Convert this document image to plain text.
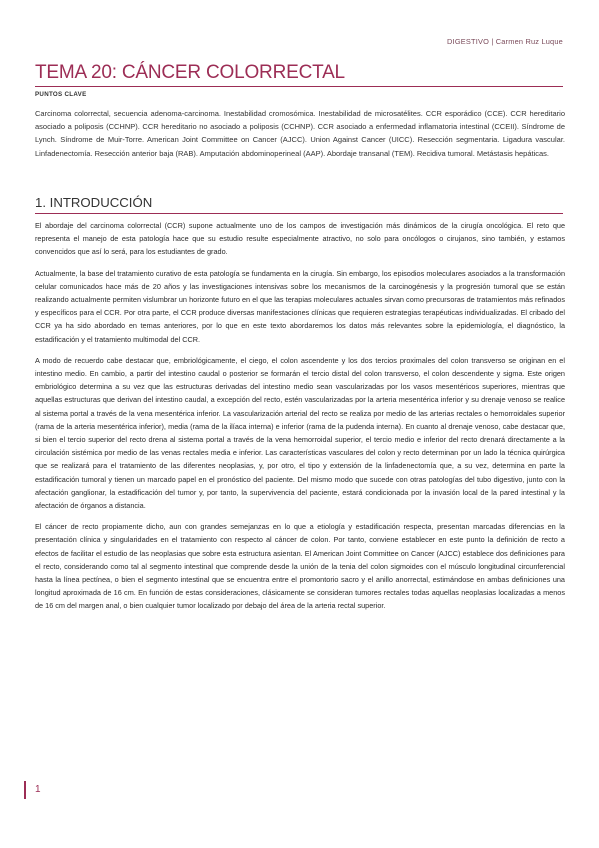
DIGESTIVO | Carmen Ruz Luque
TEMA 20: CÁNCER COLORRECTAL
PUNTOS CLAVE

Carcinoma colorrectal, secuencia adenoma-carcinoma. Inestabilidad cromosómica. Inestabilidad de microsatélites. CCR esporádico (CCE). CCR hereditario asociado a poliposis (CCHNP). CCR hereditario no asociado a poliposis (CCHNP). CCR asociado a enfermedad inflamatoria intestinal (CCEII). Síndrome de Lynch. Síndrome de Muir-Torre. American Joint Committee on Cancer (AJCC). Union Against Cancer (UICC). Resección segmentaria. Ligadura vascular. Linfadenectomía. Resección anterior baja (RAB). Amputación abdominoperineal (AAP). Abordaje transanal (TEM). Recidiva tumoral. Metástasis hepáticas.

1. INTRODUCCIÓN

El abordaje del carcinoma colorrectal (CCR) supone actualmente uno de los campos de investigación más dinámicos de la cirugía oncológica. El reto que representa el manejo de esta patología hace que su estudio resulte especialmente atractivo, no solo para oncólogos o cirujanos, sino también, y estamos convencidos que así lo será, para los estudiantes de grado.

Actualmente, la base del tratamiento curativo de esta patología se fundamenta en la cirugía. Sin embargo, los episodios moleculares asociados a la transformación celular comunicados hace más de 20 años y las investigaciones intensivas sobre los mecanismos de la carcinogénesis y la progresión tumoral que se están realizando actualmente permiten vislumbrar un horizonte futuro en el que las terapias moleculares actuales sirvan como precursoras de tratamientos más refinados y específicos para el CCR. Por otra parte, el CCR produce diversas manifestaciones clínicas que requieren estrategias terapéuticas individualizadas. El cribado del CCR ya ha sido abordado en temas anteriores, por lo que en este texto abordaremos los datos más relevantes sobre la epidemiología, el diagnóstico, la estadificación y el tratamiento multimodal del CCR.

A modo de recuerdo cabe destacar que, embriológicamente, el ciego, el colon ascendente y los dos tercios proximales del colon transverso se originan en el intestino medio. En cambio, a partir del intestino caudal o posterior se formarán el tercio distal del colon transverso, el colon descendente y sigma. Este origen embriológico determina a su vez que las estructuras derivadas del intestino medio sean vascularizadas por los vasos mesentéricos superiores, mientras que aquellas estructuras que derivan del intestino caudal, a excepción del recto, estén vascularizadas por la arteria mesentérica inferior y su drenaje venoso se realice al sistema portal a través de la vena mesentérica inferior. La vascularización arterial del recto se realiza por medio de las arterias rectales o hemorroidales superior (rama de la arteria mesentérica inferior), media (rama de la ilíaca interna) e inferior (rama de la pudenda interna). En cuanto al drenaje venoso, cabe destacar que, si bien el tercio superior del recto drena al sistema portal a través de la vena hemorroidal superior, el tercio medio e inferior del recto drenará directamente a la circulación sistémica por medio de las venas rectales media e inferior. Las características vasculares del colon y recto determinan por un lado la técnica quirúrgica que se realizará para el tratamiento de las diferentes neoplasias, y, por otro, el tipo y extensión de la linfadenectomía que, a su vez, determina en parte la estadificación tumoral y tienen un marcado papel en el pronóstico del paciente. Del mismo modo que sucede con otras patologías del tubo digestivo, junto con la afectación ganglionar, la estadificación del tumor y, por tanto, la supervivencia del paciente, estará condicionada por la invasión local de la pared intestinal y la afectación de órganos a distancia.

El cáncer de recto propiamente dicho, aun con grandes semejanzas en lo que a etiología y estadificación respecta, presentan marcadas diferencias en la presentación clínica y singularidades en el tratamiento con respecto al cáncer de colon. Por tanto, conviene establecer en este punto la definición de recto a efectos de facilitar el estudio de las neoplasias que sobre esta estructura asientan. El American Joint Committee on Cancer (AJCC) establece dos definiciones para el recto, considerando como tal al segmento intestinal que comprende desde la unión de la tenia del colon sigmoides con el músculo longitudinal circunferencial hasta la línea pectínea, o bien el segmento intestinal que se encuentra entre el promontorio sacro y el anillo anorrectal, estimándose en ambas definiciones una longitud aproximada de 16 cm. En función de estas consideraciones, clásicamente se consideran tumores rectales todas aquellas neoplasias localizadas a menos de 16 cm del margen anal, o bien cualquier tumor localizado por debajo del área de la arteria rectal superior.

1
